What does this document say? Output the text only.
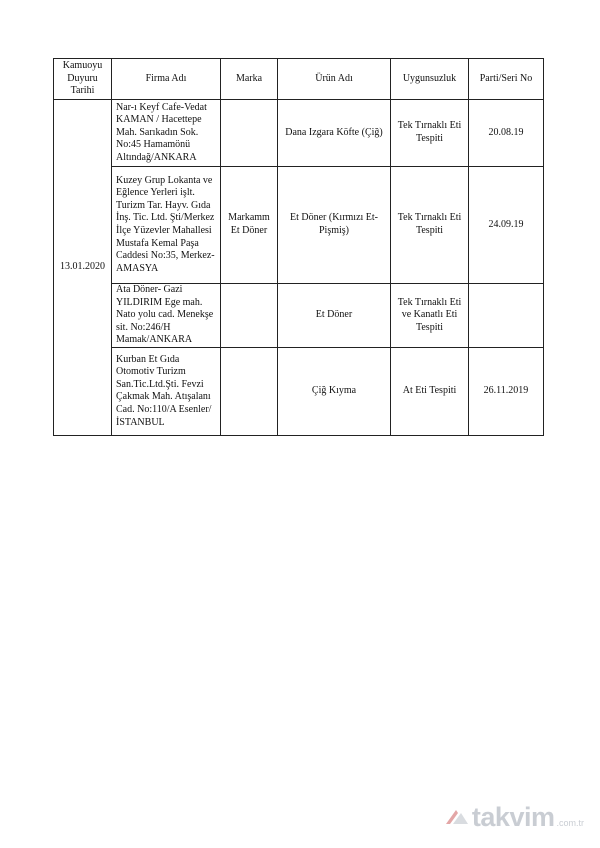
Kamuoyu Duyuru Tarihi	Firma Adı	Marka	Ürün Adı	Uygunsuzluk	Parti/Seri No
13.01.2020	Nar-ı Keyf Cafe-Vedat KAMAN / Hacettepe Mah. Sarıkadın Sok. No:45 Hamamönü Altındağ/ANKARA		Dana Izgara Köfte (Çiğ)	Tek Tırnaklı Eti Tespiti	20.08.19
	Kuzey Grup Lokanta ve Eğlence Yerleri işlt. Turizm Tar. Hayv. Gıda İnş. Tic. Ltd. Şti/Merkez İlçe Yüzevler Mahallesi Mustafa Kemal Paşa Caddesi No:35, Merkez-AMASYA	Markamm Et Döner	Et Döner (Kırmızı Et-Pişmiş)	Tek Tırnaklı Eti Tespiti	24.09.19
	Ata Döner- Gazi YILDIRIM Ege mah. Nato yolu cad. Menekşe sit. No:246/H Mamak/ANKARA		Et Döner	Tek Tırnaklı Eti ve Kanatlı Eti Tespiti	
	Kurban Et Gıda Otomotiv Turizm San.Tic.Ltd.Şti. Fevzi Çakmak Mah. Atışalanı Cad. No:110/A Esenler/İSTANBUL		Çiğ Kıyma	At Eti Tespiti	26.11.2019
takvim .com.tr
